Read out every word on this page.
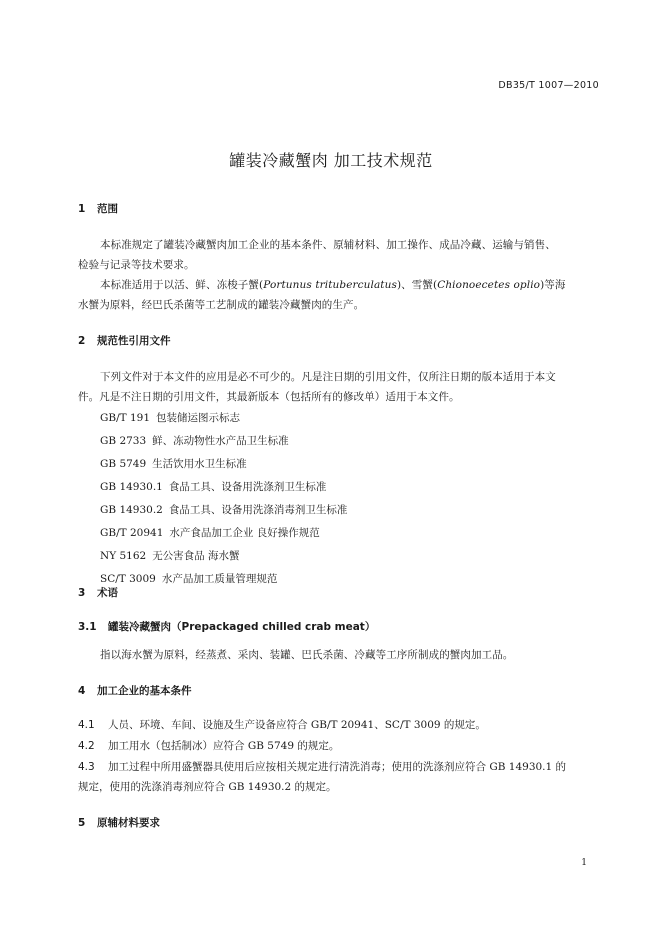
DB35/T 1007—2010
罐装冷藏蟹肉 加工技术规范
1 范围
本标准规定了罐装冷藏蟹肉加工企业的基本条件、原辅材料、加工操作、成品冷藏、运输与销售、
检验与记录等技术要求。
本标准适用于以活、鲜、冻梭子蟹(Portunus trituberculatus)、雪蟹(Chionoecetes oplio)等海
水蟹为原料，经巴氏杀菌等工艺制成的罐装冷藏蟹肉的生产。
2 规范性引用文件
下列文件对于本文件的应用是必不可少的。凡是注日期的引用文件，仅所注日期的版本适用于本文
件。凡是不注日期的引用文件，其最新版本（包括所有的修改单）适用于本文件。
GB/T 191 包装储运图示标志
GB 2733 鲜、冻动物性水产品卫生标准
GB 5749 生活饮用水卫生标准
GB 14930.1 食品工具、设备用洗涤剂卫生标准
GB 14930.2 食品工具、设备用洗涤消毒剂卫生标准
GB/T 20941 水产食品加工企业 良好操作规范
NY 5162 无公害食品 海水蟹
SC/T 3009 水产品加工质量管理规范
3 术语
3.1 罐装冷藏蟹肉（Prepackaged chilled crab meat）
指以海水蟹为原料，经蒸煮、采肉、装罐、巴氏杀菌、冷藏等工序所制成的蟹肉加工品。
4 加工企业的基本条件
4.1 人员、环境、车间、设施及生产设备应符合 GB/T 20941、SC/T 3009 的规定。
4.2 加工用水（包括制冰）应符合 GB 5749 的规定。
4.3 加工过程中所用盛蟹器具使用后应按相关规定进行清洗消毒；使用的洗涤剂应符合 GB 14930.1 的
规定，使用的洗涤消毒剂应符合 GB 14930.2 的规定。
5 原辅材料要求
1
